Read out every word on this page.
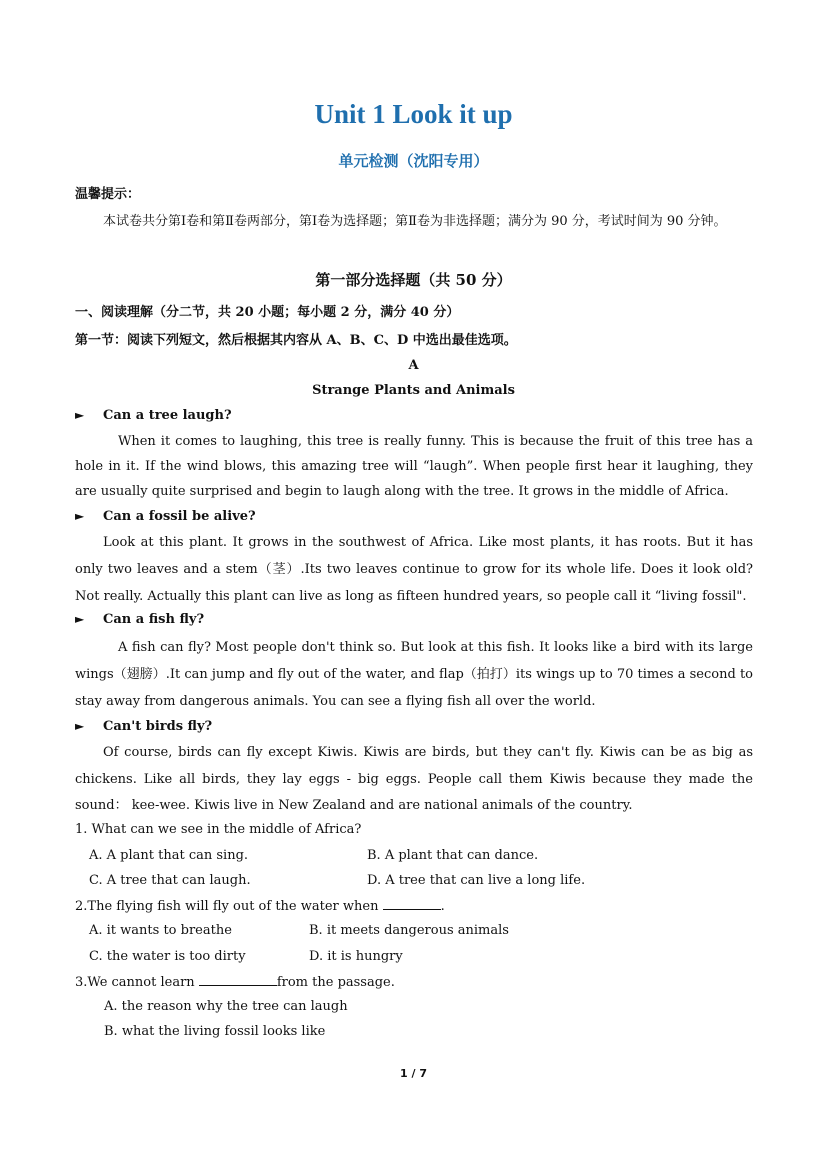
Unit 1 Look it up
单元检测（沈阳专用）
温馨提示：
本试卷共分第Ⅰ卷和第Ⅱ卷两部分，第Ⅰ卷为选择题；第Ⅱ卷为非选择题；满分为 90 分，考试时间为 90 分钟。
第一部分选择题（共 50 分）
一、阅读理解（分二节，共 20 小题；每小题 2 分，满分 40 分）
第一节：阅读下列短文，然后根据其内容从 A、B、C、D 中选出最佳选项。
A
Strange Plants and Animals
► Can a tree laugh?
When it comes to laughing, this tree is really funny. This is because the fruit of this tree has a hole in it. If the wind blows, this amazing tree will “laugh”. When people first hear it laughing, they are usually quite surprised and begin to laugh along with the tree. It grows in the middle of Africa.
► Can a fossil be alive?
Look at this plant. It grows in the southwest of Africa. Like most plants, it has roots. But it has only two leaves and a stem（茎）.Its two leaves continue to grow for its whole life. Does it look old? Not really. Actually this plant can live as long as fifteen hundred years, so people call it “living fossil".
► Can a fish fly?
A fish can fly? Most people don't think so. But look at this fish. It looks like a bird with its large wings（翅膀）.It can jump and fly out of the water, and flap（拍打）its wings up to 70 times a second to stay away from dangerous animals. You can see a flying fish all over the world.
► Can't birds fly?
Of course, birds can fly except Kiwis. Kiwis are birds, but they can't fly. Kiwis can be as big as chickens. Like all birds, they lay eggs - big eggs. People call them Kiwis because they made the sound： kee-wee. Kiwis live in New Zealand and are national animals of the country.
1. What can we see in the middle of Africa?
A. A plant that can sing.	B. A plant that can dance.
C. A tree that can laugh.	D. A tree that can live a long life.
2.The flying fish will fly out of the water when	.
A. it wants to breathe	B. it meets dangerous animals
C. the water is too dirty	D. it is hungry
3.We cannot learn	from the passage.
A. the reason why the tree can laugh
B. what the living fossil looks like
1 / 7
